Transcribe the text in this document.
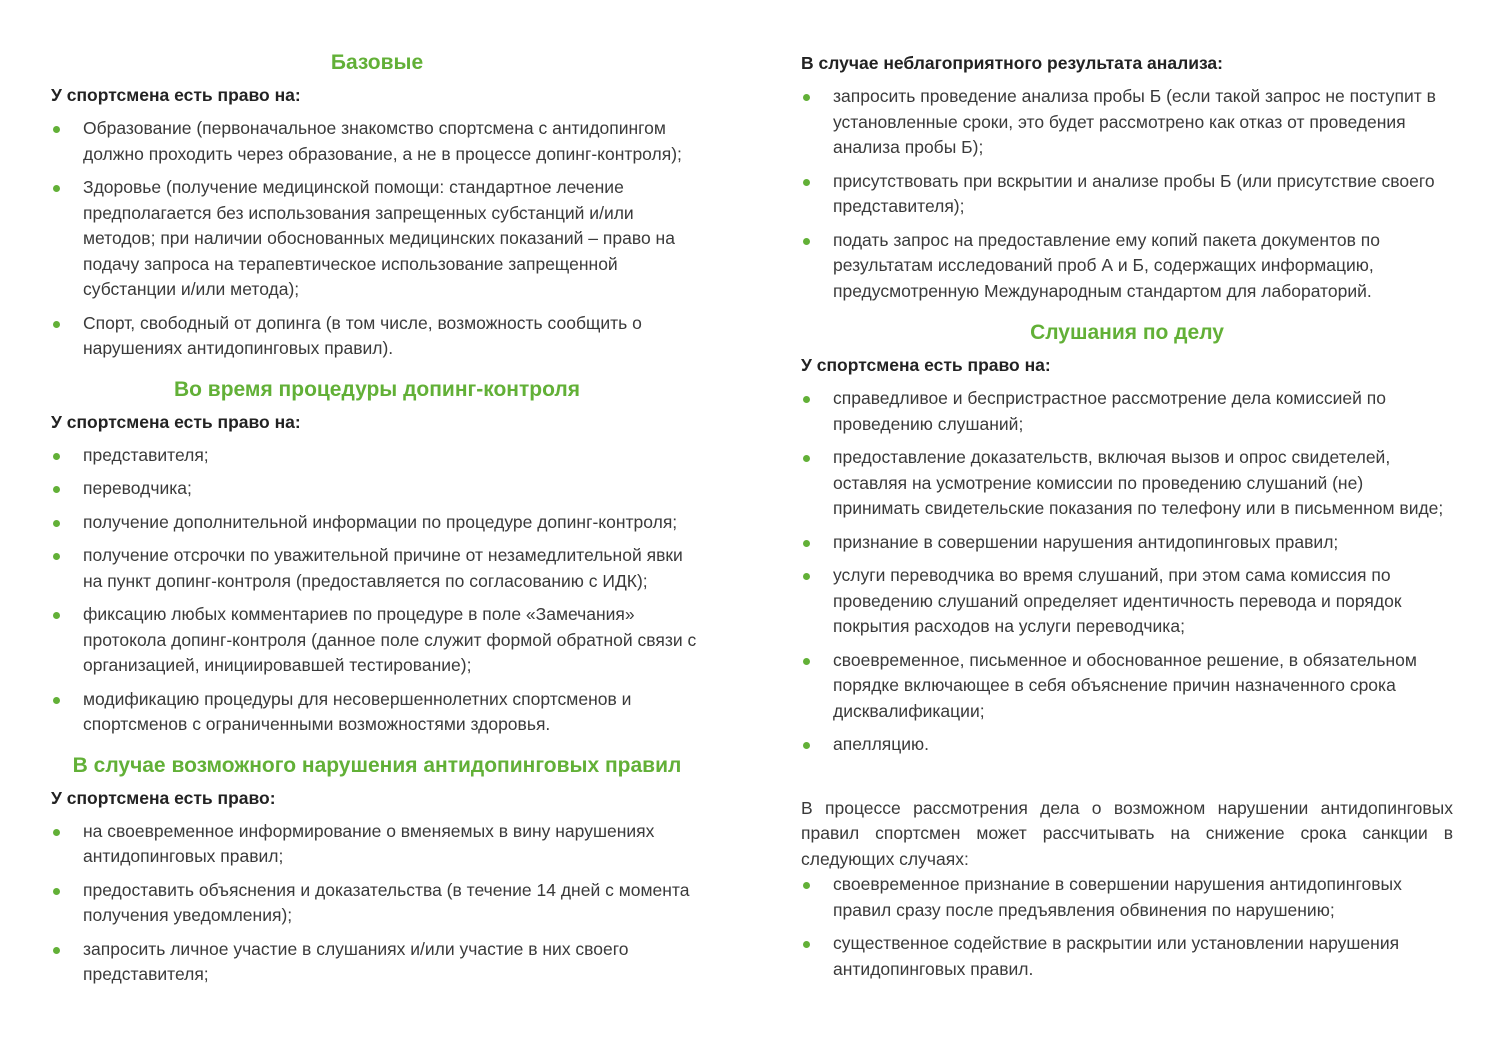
Базовые
У спортсмена есть право на:
Образование (первоначальное знакомство спортсмена с антидопингом должно проходить через образование, а не в процессе допинг-контроля);
Здоровье (получение медицинской помощи: стандартное лечение предполагается без использования запрещенных субстанций и/или методов; при наличии обоснованных медицинских показаний – право на подачу запроса на терапевтическое использование запрещенной субстанции и/или метода);
Спорт, свободный от допинга (в том числе, возможность сообщить о нарушениях антидопинговых правил).
Во время процедуры допинг-контроля
У спортсмена есть право на:
представителя;
переводчика;
получение дополнительной информации по процедуре допинг-контроля;
получение отсрочки по уважительной причине от незамедлительной явки на пункт допинг-контроля (предоставляется по согласованию с ИДК);
фиксацию любых комментариев по процедуре в поле «Замечания» протокола допинг-контроля (данное поле служит формой обратной связи с организацией, инициировавшей тестирование);
модификацию процедуры для несовершеннолетних спортсменов и спортсменов с ограниченными возможностями здоровья.
В случае возможного нарушения антидопинговых правил
У спортсмена есть право:
на своевременное информирование о вменяемых в вину нарушениях антидопинговых правил;
предоставить объяснения и доказательства (в течение 14 дней с момента получения уведомления);
запросить личное участие в слушаниях и/или участие в них своего представителя;
В случае неблагоприятного результата анализа:
запросить проведение анализа пробы Б (если такой запрос не поступит в установленные сроки, это будет рассмотрено как отказ от проведения анализа пробы Б);
присутствовать при вскрытии и анализе пробы Б (или присутствие своего представителя);
подать запрос на предоставление ему копий пакета документов по результатам исследований проб А и Б, содержащих информацию, предусмотренную Международным стандартом для лабораторий.
Слушания по делу
У спортсмена есть право на:
справедливое и беспристрастное рассмотрение дела комиссией по проведению слушаний;
предоставление доказательств, включая вызов и опрос свидетелей, оставляя на усмотрение комиссии по проведению слушаний (не) принимать свидетельские показания по телефону или в письменном виде;
признание в совершении нарушения антидопинговых правил;
услуги переводчика во время слушаний, при этом сама комиссия по проведению слушаний определяет идентичность перевода и порядок покрытия расходов на услуги переводчика;
своевременное, письменное и обоснованное решение, в обязательном порядке включающее в себя объяснение причин назначенного срока дисквалификации;
апелляцию.

В процессе рассмотрения дела о возможном нарушении антидопинговых правил спортсмен может рассчитывать на снижение срока санкции в следующих случаях:

своевременное признание в совершении нарушения антидопинговых правил сразу после предъявления обвинения по нарушению;
существенное содействие в раскрытии или установлении нарушения антидопинговых правил.
